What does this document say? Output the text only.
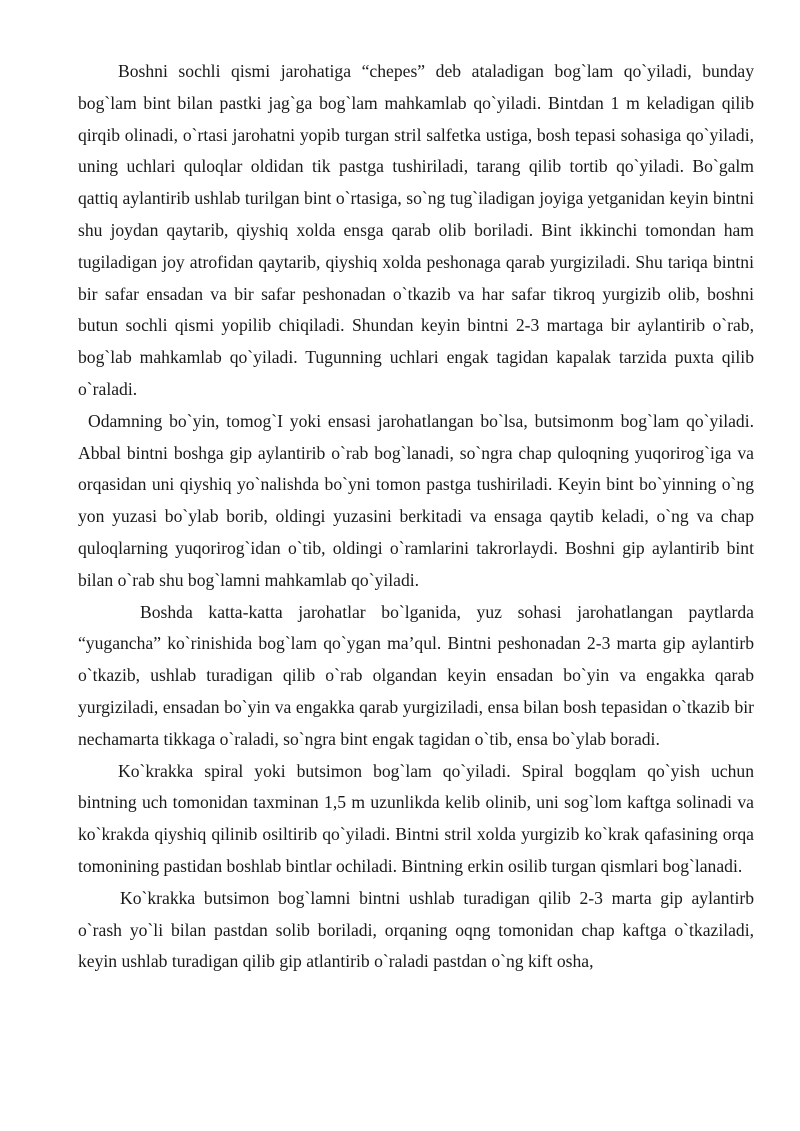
Boshni sochli qismi jarohatiga “chepes” deb ataladigan bog`lam qo`yiladi, bunday bog`lam bint bilan pastki jag`ga bog`lam mahkamlab qo`yiladi. Bintdan 1 m keladigan qilib qirqib olinadi, o`rtasi jarohatni yopib turgan stril salfetka ustiga, bosh tepasi sohasiga qo`yiladi, uning uchlari quloqlar oldidan tik pastga tushiriladi, tarang qilib tortib qo`yiladi. Bo`galm qattiq aylantirib ushlab turilgan bint o`rtasiga, so`ng tug`iladigan joyiga yetganidan keyin bintni shu joydan qaytarib, qiyshiq xolda ensga qarab olib boriladi. Bint ikkinchi tomondan ham tugiladigan joy atrofidan qaytarib, qiyshiq xolda peshonaga qarab yurgiziladi. Shu tariqa bintni bir safar ensadan va bir safar peshonadan o`tkazib va har safar tikroq yurgizib olib, boshni butun sochli qismi yopilib chiqiladi. Shundan keyin bintni 2-3 martaga bir aylantirib o`rab, bog`lab mahkamlab qo`yiladi. Tugunning uchlari engak tagidan kapalak tarzida puxta qilib o`raladi.

Odamning bo`yin, tomog`I yoki ensasi jarohatlangan bo`lsa, butsimonm bog`lam qo`yiladi. Abbal bintni boshga gip aylantirib o`rab bog`lanadi, so`ngra chap quloqning yuqorirog`iga va orqasidan uni qiyshiq yo`nalishda bo`yni tomon pastga tushiriladi. Keyin bint bo`yinning o`ng yon yuzasi bo`ylab borib, oldingi yuzasini berkitadi va ensaga qaytib keladi, o`ng va chap quloqlarning yuqorirog`idan o`tib, oldingi o`ramlarini takrorlaydi. Boshni gip aylantirib bint bilan o`rab shu bog`lamni mahkamlab qo`yiladi.

Boshda katta-katta jarohatlar bo`lganida, yuz sohasi jarohatlangan paytlarda “yugancha” ko`rinishida bog`lam qo`ygan ma’qul. Bintni peshonadan 2-3 marta gip aylantirb o`tkazib, ushlab turadigan qilib o`rab olgandan keyin ensadan bo`yin va engakka qarab yurgiziladi, ensadan bo`yin va engakka qarab yurgiziladi, ensa bilan bosh tepasidan o`tkazib bir nechamarta tikkaga o`raladi, so`ngra bint engak tagidan o`tib, ensa bo`ylab boradi.

Ko`krakka spiral yoki butsimon bog`lam qo`yiladi. Spiral bogqlam qo`yish uchun bintning uch tomonidan taxminan 1,5 m uzunlikda kelib olinib, uni sog`lom kaftga solinadi va ko`krakda qiyshiq qilinib osiltirib qo`yiladi. Bintni stril xolda yurgizib ko`krak qafasining orqa tomonining pastidan boshlab bintlar ochiladi. Bintning erkin osilib turgan qismlari bog`lanadi.

Ko`krakka butsimon bog`lamni bintni ushlab turadigan qilib 2-3 marta gip aylantirb o`rash yo`li bilan pastdan solib boriladi, orqaning oqng tomonidan chap kaftga o`tkaziladi, keyin ushlab turadigan qilib gip atlantirib o`raladi pastdan o`ng kift osha,
